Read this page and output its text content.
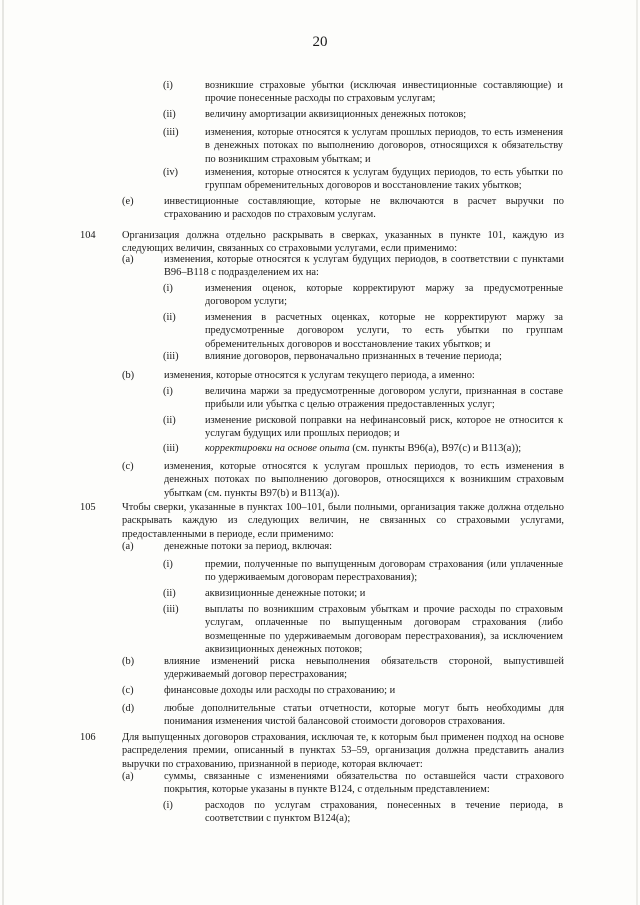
20
(i)	возникшие страховые убытки (исключая инвестиционные составляющие) и прочие понесенные расходы по страховым услугам;
(ii)	величину амортизации аквизиционных денежных потоков;
(iii)	изменения, которые относятся к услугам прошлых периодов, то есть изменения в денежных потоках по выполнению договоров, относящихся к обязательству по возникшим страховым убыткам; и
(iv)	изменения, которые относятся к услугам будущих периодов, то есть убытки по группам обременительных договоров и восстановление таких убытков;
(e)	инвестиционные составляющие, которые не включаются в расчет выручки по страхованию и расходов по страховым услугам.
104	Организация должна отдельно раскрывать в сверках, указанных в пункте 101, каждую из следующих величин, связанных со страховыми услугами, если применимо:
(a)	изменения, которые относятся к услугам будущих периодов, в соответствии с пунктами B96–B118 с подразделением их на:
(i)	изменения оценок, которые корректируют маржу за предусмотренные договором услуги;
(ii)	изменения в расчетных оценках, которые не корректируют маржу за предусмотренные договором услуги, то есть убытки по группам обременительных договоров и восстановление таких убытков; и
(iii)	влияние договоров, первоначально признанных в течение периода;
(b)	изменения, которые относятся к услугам текущего периода, а именно:
(i)	величина маржи за предусмотренные договором услуги, признанная в составе прибыли или убытка с целью отражения предоставленных услуг;
(ii)	изменение рисковой поправки на нефинансовый риск, которое не относится к услугам будущих или прошлых периодов; и
(iii)	корректировки на основе опыта (см. пункты B96(a), B97(c) и B113(a));
(c)	изменения, которые относятся к услугам прошлых периодов, то есть изменения в денежных потоках по выполнению договоров, относящихся к возникшим страховым убыткам (см. пункты B97(b) и B113(a)).
105	Чтобы сверки, указанные в пунктах 100–101, были полными, организация также должна отдельно раскрывать каждую из следующих величин, не связанных со страховыми услугами, предоставленными в периоде, если применимо:
(a)	денежные потоки за период, включая:
(i)	премии, полученные по выпущенным договорам страхования (или уплаченные по удерживаемым договорам перестрахования);
(ii)	аквизиционные денежные потоки; и
(iii)	выплаты по возникшим страховым убыткам и прочие расходы по страховым услугам, оплаченные по выпущенным договорам страхования (либо возмещенные по удерживаемым договорам перестрахования), за исключением аквизиционных денежных потоков;
(b)	влияние изменений риска невыполнения обязательств стороной, выпустившей удерживаемый договор перестрахования;
(c)	финансовые доходы или расходы по страхованию; и
(d)	любые дополнительные статьи отчетности, которые могут быть необходимы для понимания изменения чистой балансовой стоимости договоров страхования.
106	Для выпущенных договоров страхования, исключая те, к которым был применен подход на основе распределения премии, описанный в пунктах 53–59, организация должна представить анализ выручки по страхованию, признанной в периоде, которая включает:
(a)	суммы, связанные с изменениями обязательства по оставшейся части страхового покрытия, которые указаны в пункте B124, с отдельным представлением:
(i)	расходов по услугам страхования, понесенных в течение периода, в соответствии с пунктом B124(a);
